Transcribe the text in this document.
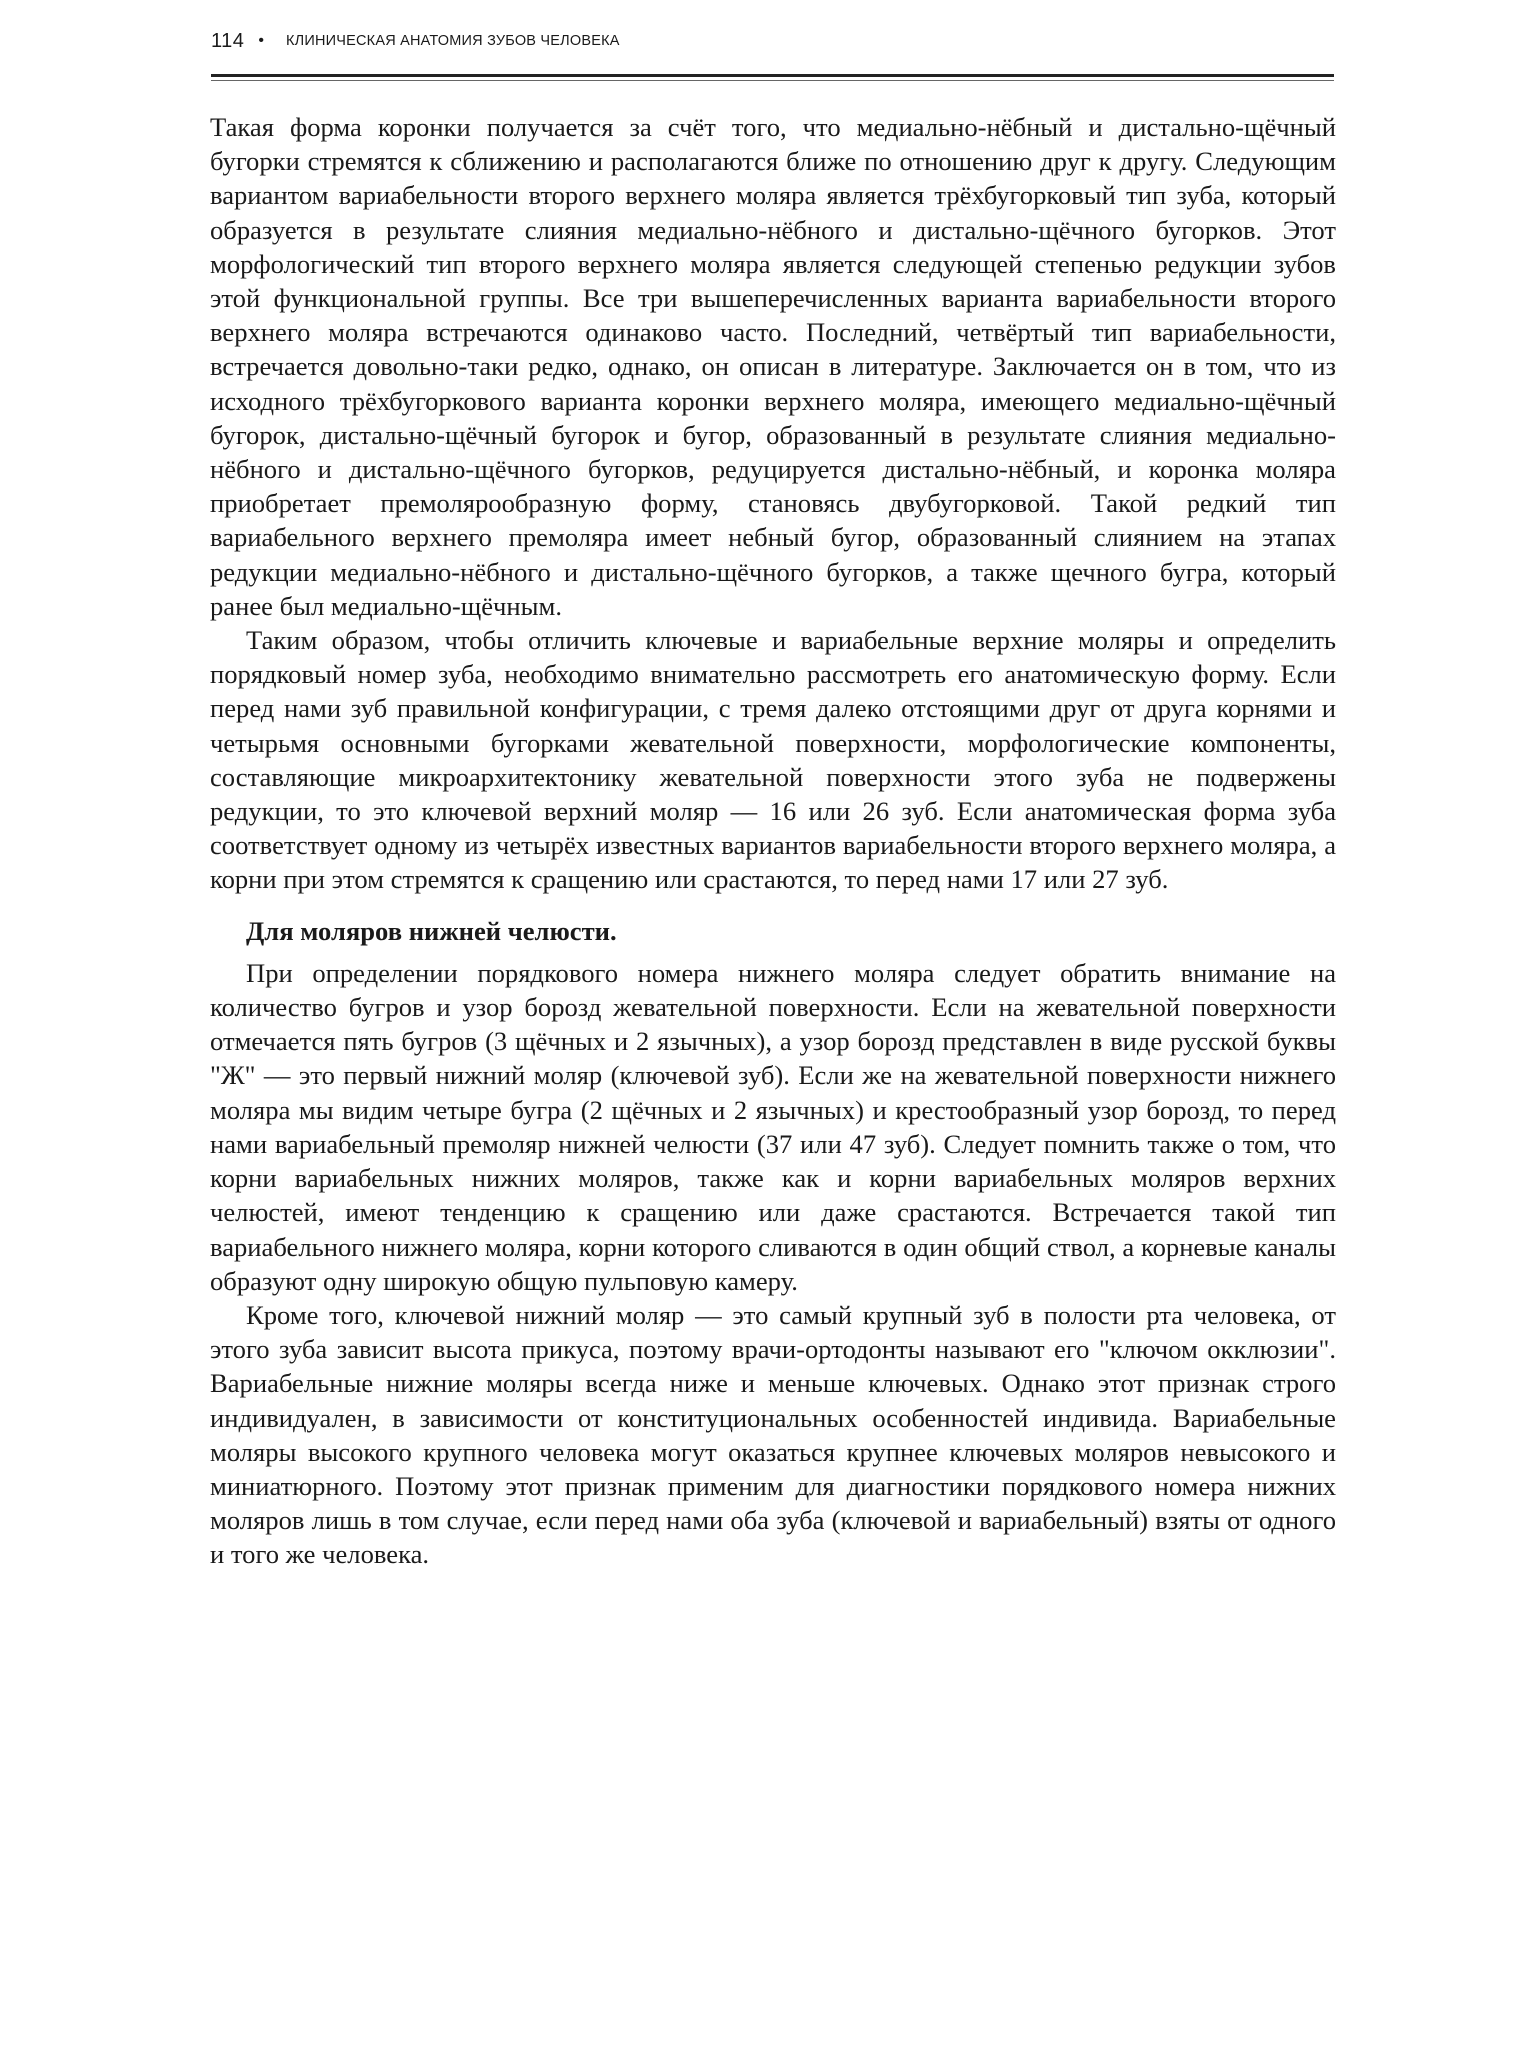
114 • КЛИНИЧЕСКАЯ АНАТОМИЯ ЗУБОВ ЧЕЛОВЕКА

Такая форма коронки получается за счёт того, что медиально-нёбный и дистально-щёчный бугорки стремятся к сближению и располагаются ближе по отношению друг к другу. Следующим вариантом вариабельности второго верхнего моляра является трёхбугорковый тип зуба, который образуется в результате слияния медиально-нёбного и дистально-щёчного бугорков. Этот морфологический тип второго верхнего моляра является следующей степенью редукции зубов этой функциональной группы. Все три вышеперечисленных варианта вариабельности второго верхнего моляра встречаются одинаково часто. Последний, четвёртый тип вариабельности, встречается довольно-таки редко, однако, он описан в литературе. Заключается он в том, что из исходного трёхбугоркового варианта коронки верхнего моляра, имеющего медиально-щёчный бугорок, дистально-щёчный бугорок и бугор, образованный в результате слияния медиально-нёбного и дистально-щёчного бугорков, редуцируется дистально-нёбный, и коронка моляра приобретает премолярообразную форму, становясь двубугорковой. Такой редкий тип вариабельного верхнего премоляра имеет небный бугор, образованный слиянием на этапах редукции медиально-нёбного и дистально-щёчного бугорков, а также щечного бугра, который ранее был медиально-щёчным.

Таким образом, чтобы отличить ключевые и вариабельные верхние моляры и определить порядковый номер зуба, необходимо внимательно рассмотреть его анатомическую форму. Если перед нами зуб правильной конфигурации, с тремя далеко отстоящими друг от друга корнями и четырьмя основными бугорками жевательной поверхности, морфологические компоненты, составляющие микроархитектонику жевательной поверхности этого зуба не подвержены редукции, то это ключевой верхний моляр — 16 или 26 зуб. Если анатомическая форма зуба соответствует одному из четырёх известных вариантов вариабельности второго верхнего моляра, а корни при этом стремятся к сращению или срастаются, то перед нами 17 или 27 зуб.

Для моляров нижней челюсти.

При определении порядкового номера нижнего моляра следует обратить внимание на количество бугров и узор борозд жевательной поверхности. Если на жевательной поверхности отмечается пять бугров (3 щёчных и 2 язычных), а узор борозд представлен в виде русской буквы "Ж" — это первый нижний моляр (ключевой зуб). Если же на жевательной поверхности нижнего моляра мы видим четыре бугра (2 щёчных и 2 язычных) и крестообразный узор борозд, то перед нами вариабельный премоляр нижней челюсти (37 или 47 зуб). Следует помнить также о том, что корни вариабельных нижних моляров, также как и корни вариабельных моляров верхних челюстей, имеют тенденцию к сращению или даже срастаются. Встречается такой тип вариабельного нижнего моляра, корни которого сливаются в один общий ствол, а корневые каналы образуют одну широкую общую пульповую камеру.

Кроме того, ключевой нижний моляр — это самый крупный зуб в полости рта человека, от этого зуба зависит высота прикуса, поэтому врачи-ортодонты называют его "ключом окклюзии". Вариабельные нижние моляры всегда ниже и меньше ключевых. Однако этот признак строго индивидуален, в зависимости от конституциональных особенностей индивида. Вариабельные моляры высокого крупного человека могут оказаться крупнее ключевых моляров невысокого и миниатюрного. Поэтому этот признак применим для диагностики порядкового номера нижних моляров лишь в том случае, если перед нами оба зуба (ключевой и вариабельный) взяты от одного и того же человека.
